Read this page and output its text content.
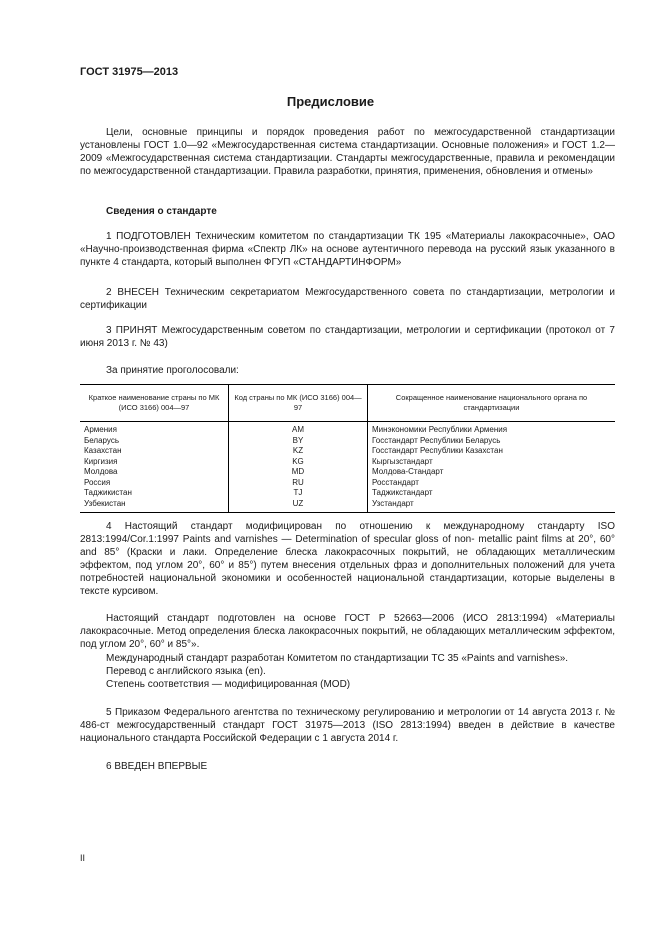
ГОСТ 31975—2013
Предисловие
Цели, основные принципы и порядок проведения работ по межгосударственной стандартизации установлены ГОСТ 1.0—92 «Межгосударственная система стандартизации. Основные положения» и ГОСТ 1.2—2009 «Межгосударственная система стандартизации. Стандарты межгосударственные, правила и рекомендации по межгосударственной стандартизации. Правила разработки, принятия, применения, обновления и отмены»
Сведения о стандарте
1 ПОДГОТОВЛЕН Техническим комитетом по стандартизации ТК 195 «Материалы лакокрасочные», ОАО «Научно-производственная фирма «Спектр ЛК» на основе аутентичного перевода на русский язык указанного в пункте 4 стандарта, который выполнен ФГУП «СТАНДАРТИНФОРМ»
2 ВНЕСЕН Техническим секретариатом Межгосударственного совета по стандартизации, метрологии и сертификации
3 ПРИНЯТ Межгосударственным советом по стандартизации, метрологии и сертификации (протокол от 7 июня 2013 г. № 43)
За принятие проголосовали:
Краткое наименование страны по МК (ИСО 3166) 004—97	Код страны по МК (ИСО 3166) 004—97	Сокращенное наименование национального органа по стандартизации
Армения	AM	Минэкономики Республики Армения
Беларусь	BY	Госстандарт Республики Беларусь
Казахстан	KZ	Госстандарт Республики Казахстан
Киргизия	KG	Кыргызстандарт
Молдова	MD	Молдова-Стандарт
Россия	RU	Росстандарт
Таджикистан	TJ	Таджикстандарт
Узбекистан	UZ	Узстандарт
4 Настоящий стандарт модифицирован по отношению к международному стандарту ISO 2813:1994/Cor.1:1997 Paints and varnishes — Determination of specular gloss of non- metallic paint films at 20°, 60° and 85° (Краски и лаки. Определение блеска лакокрасочных покрытий, не обладающих металлическим эффектом, под углом 20°, 60° и 85°) путем внесения отдельных фраз и дополнительных положений для учета потребностей национальной экономики и особенностей национальной стандартизации, которые выделены в тексте курсивом.
Настоящий стандарт подготовлен на основе ГОСТ Р 52663—2006 (ИСО 2813:1994) «Материалы лакокрасочные. Метод определения блеска лакокрасочных покрытий, не обладающих металлическим эффектом, под углом 20°, 60° и 85°».
Международный стандарт разработан Комитетом по стандартизации ТС 35 «Paints and varnishes».
Перевод с английского языка (en).
Степень соответствия — модифицированная (MOD)
5 Приказом Федерального агентства по техническому регулированию и метрологии от 14 августа 2013 г. № 486-ст межгосударственный стандарт ГОСТ 31975—2013 (ISO 2813:1994) введен в действие в качестве национального стандарта Российской Федерации с 1 августа 2014 г.
6 ВВЕДЕН ВПЕРВЫЕ
II
